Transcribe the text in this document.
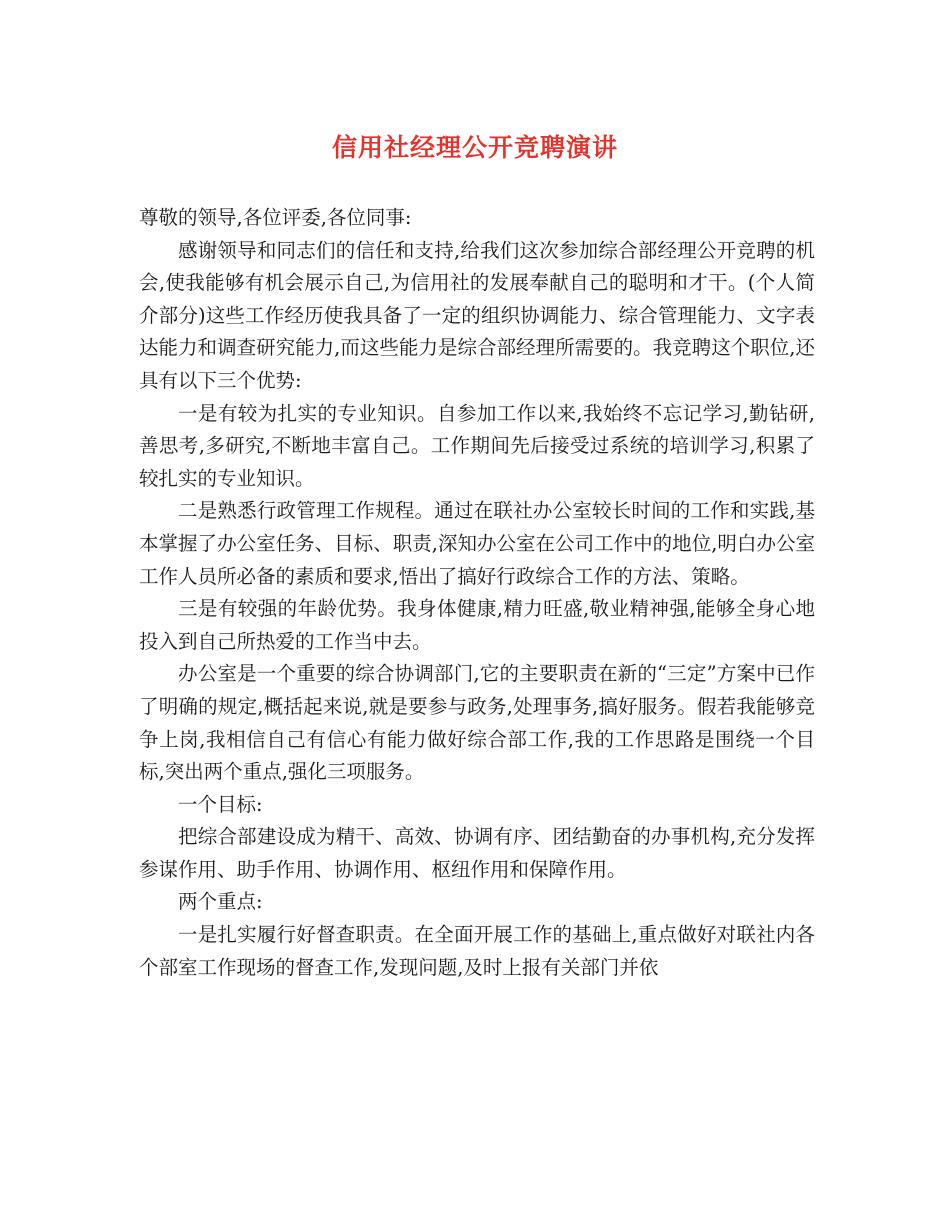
信用社经理公开竞聘演讲

尊敬的领导,各位评委,各位同事:

感谢领导和同志们的信任和支持,给我们这次参加综合部经理公开竞聘的机会,使我能够有机会展示自己,为信用社的发展奉献自己的聪明和才干。(个人简介部分)这些工作经历使我具备了一定的组织协调能力、综合管理能力、文字表达能力和调查研究能力,而这些能力是综合部经理所需要的。我竞聘这个职位,还具有以下三个优势:

一是有较为扎实的专业知识。自参加工作以来,我始终不忘记学习,勤钻研,善思考,多研究,不断地丰富自己。工作期间先后接受过系统的培训学习,积累了较扎实的专业知识。

二是熟悉行政管理工作规程。通过在联社办公室较长时间的工作和实践,基本掌握了办公室任务、目标、职责,深知办公室在公司工作中的地位,明白办公室工作人员所必备的素质和要求,悟出了搞好行政综合工作的方法、策略。

三是有较强的年龄优势。我身体健康,精力旺盛,敬业精神强,能够全身心地投入到自己所热爱的工作当中去。

办公室是一个重要的综合协调部门,它的主要职责在新的“三定”方案中已作了明确的规定,概括起来说,就是要参与政务,处理事务,搞好服务。假若我能够竞争上岗,我相信自己有信心有能力做好综合部工作,我的工作思路是围绕一个目标,突出两个重点,强化三项服务。

一个目标:

把综合部建设成为精干、高效、协调有序、团结勤奋的办事机构,充分发挥参谋作用、助手作用、协调作用、枢纽作用和保障作用。

两个重点:

一是扎实履行好督查职责。在全面开展工作的基础上,重点做好对联社内各个部室工作现场的督查工作,发现问题,及时上报有关部门并依
